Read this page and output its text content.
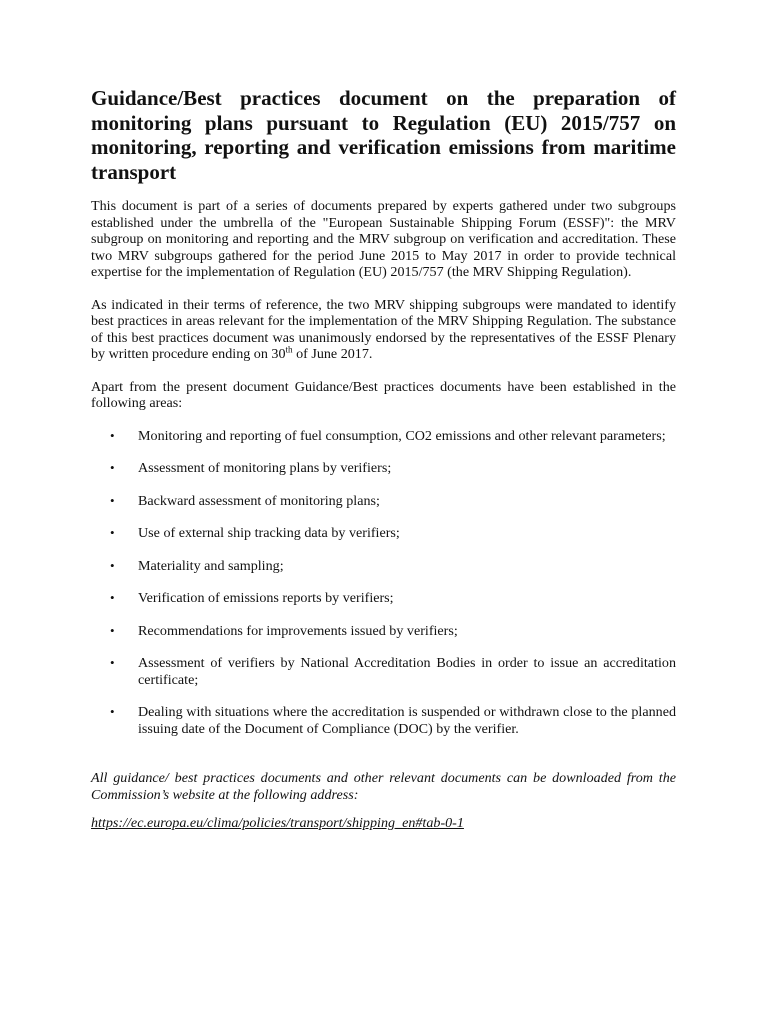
Guidance/Best practices document on the preparation of monitoring plans pursuant to Regulation (EU) 2015/757 on monitoring, reporting and verification emissions from maritime transport

This document is part of a series of documents prepared by experts gathered under two subgroups established under the umbrella of the "European Sustainable Shipping Forum (ESSF)": the MRV subgroup on monitoring and reporting and the MRV subgroup on verification and accreditation. These two MRV subgroups gathered for the period June 2015 to May 2017 in order to provide technical expertise for the implementation of Regulation (EU) 2015/757 (the MRV Shipping Regulation).

As indicated in their terms of reference, the two MRV shipping subgroups were mandated to identify best practices in areas relevant for the implementation of the MRV Shipping Regulation. The substance of this best practices document was unanimously endorsed by the representatives of the ESSF Plenary by written procedure ending on 30th of June 2017.

Apart from the present document Guidance/Best practices documents have been established in the following areas:

• Monitoring and reporting of fuel consumption, CO2 emissions and other relevant parameters;
• Assessment of monitoring plans by verifiers;
• Backward assessment of monitoring plans;
• Use of external ship tracking data by verifiers;
• Materiality and sampling;
• Verification of emissions reports by verifiers;
• Recommendations for improvements issued by verifiers;
• Assessment of verifiers by National Accreditation Bodies in order to issue an accreditation certificate;
• Dealing with situations where the accreditation is suspended or withdrawn close to the planned issuing date of the Document of Compliance (DOC) by the verifier.

All guidance/ best practices documents and other relevant documents can be downloaded from the Commission’s website at the following address:

https://ec.europa.eu/clima/policies/transport/shipping_en#tab-0-1
